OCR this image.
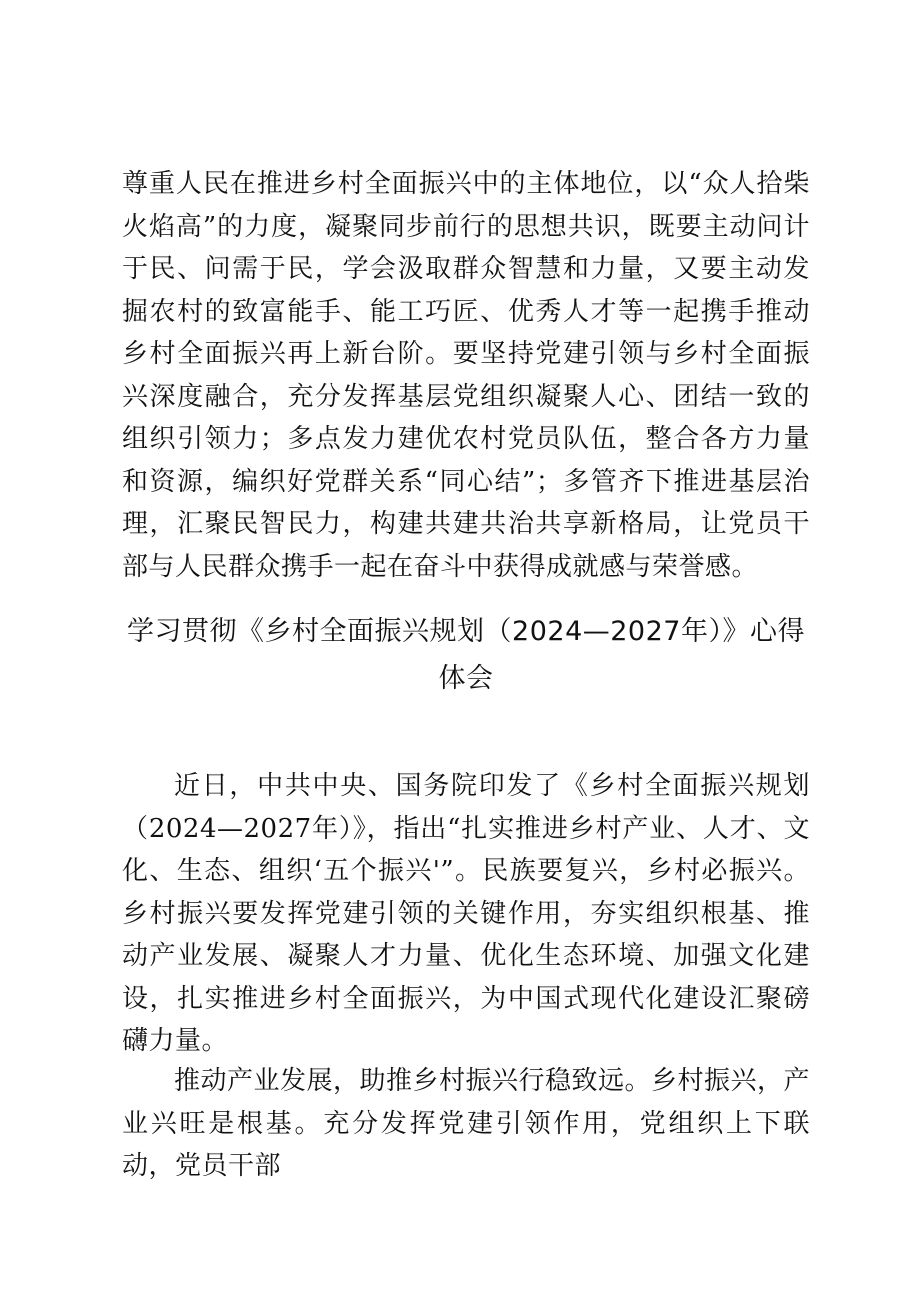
尊重人民在推进乡村全面振兴中的主体地位，以“众人拾柴火焰高”的力度，凝聚同步前行的思想共识，既要主动问计于民、问需于民，学会汲取群众智慧和力量，又要主动发掘农村的致富能手、能工巧匠、优秀人才等一起携手推动乡村全面振兴再上新台阶。要坚持党建引领与乡村全面振兴深度融合，充分发挥基层党组织凝聚人心、团结一致的组织引领力；多点发力建优农村党员队伍，整合各方力量和资源，编织好党群关系“同心结”；多管齐下推进基层治理，汇聚民智民力，构建共建共治共享新格局，让党员干部与人民群众携手一起在奋斗中获得成就感与荣誉感。

学习贯彻《乡村全面振兴规划（2024—2027年）》心得体会

近日，中共中央、国务院印发了《乡村全面振兴规划（2024—2027年）》，指出“扎实推进乡村产业、人才、文化、生态、组织‘五个振兴'”。民族要复兴，乡村必振兴。乡村振兴要发挥党建引领的关键作用，夯实组织根基、推动产业发展、凝聚人才力量、优化生态环境、加强文化建设，扎实推进乡村全面振兴，为中国式现代化建设汇聚磅礴力量。

推动产业发展，助推乡村振兴行稳致远。乡村振兴，产业兴旺是根基。充分发挥党建引领作用，党组织上下联动，党员干部
